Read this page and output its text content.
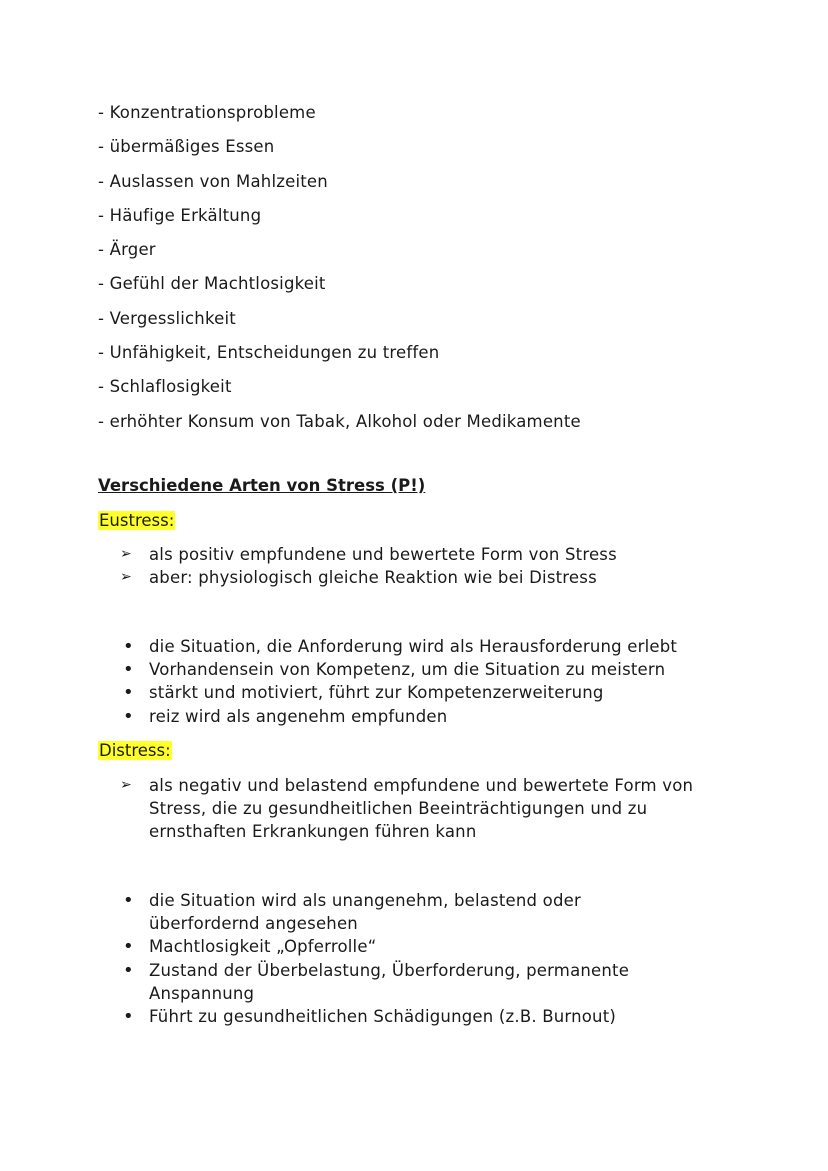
- Konzentrationsprobleme
- übermäßiges Essen
- Auslassen von Mahlzeiten
- Häufige Erkältung
- Ärger
- Gefühl der Machtlosigkeit
- Vergesslichkeit
- Unfähigkeit, Entscheidungen zu treffen
- Schlaflosigkeit
- erhöhter Konsum von Tabak, Alkohol oder Medikamente
Verschiedene Arten von Stress (P!)

Eustress:

➢	als positiv empfundene und bewertete Form von Stress
➢	aber: physiologisch gleiche Reaktion wie bei Distress
• die Situation, die Anforderung wird als Herausforderung erlebt
• Vorhandensein von Kompetenz, um die Situation zu meistern
• stärkt und motiviert, führt zur Kompetenzerweiterung
• reiz wird als angenehm empfunden

Distress:

➢	als negativ und belastend empfundene und bewertete Form von Stress, die zu gesundheitlichen Beeinträchtigungen und zu ernsthaften Erkrankungen führen kann
• die Situation wird als unangenehm, belastend oder überfordernd angesehen
• Machtlosigkeit „Opferrolle“
• Zustand der Überbelastung, Überforderung, permanente Anspannung
• Führt zu gesundheitlichen Schädigungen (z.B. Burnout)
